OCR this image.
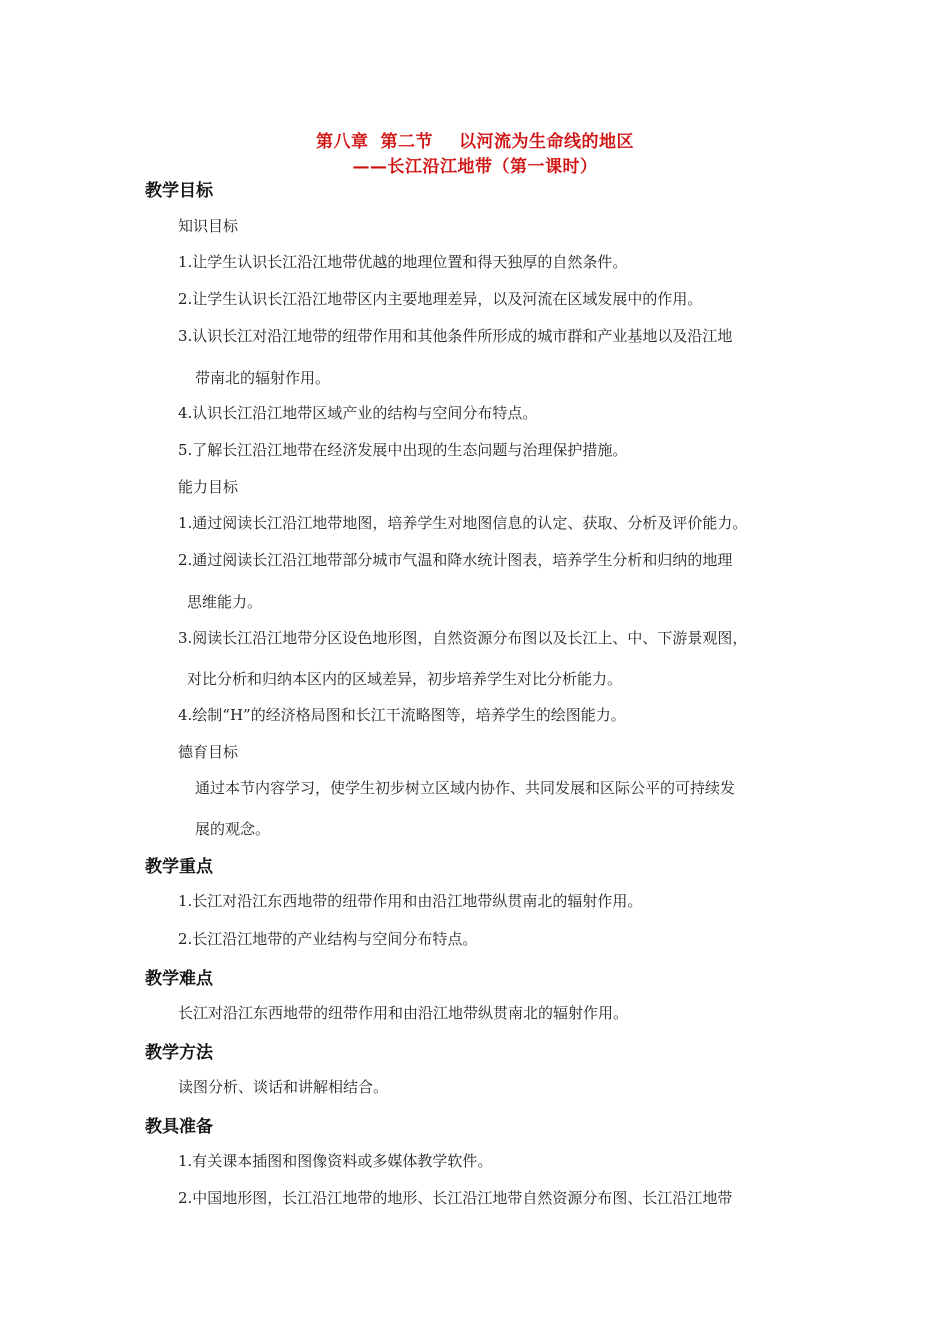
第八章 第二节 以河流为生命线的地区
——长江沿江地带（第一课时）
教学目标
知识目标
1.让学生认识长江沿江地带优越的地理位置和得天独厚的自然条件。
2.让学生认识长江沿江地带区内主要地理差异，以及河流在区域发展中的作用。
3.认识长江对沿江地带的纽带作用和其他条件所形成的城市群和产业基地以及沿江地
带南北的辐射作用。
4.认识长江沿江地带区域产业的结构与空间分布特点。
5.了解长江沿江地带在经济发展中出现的生态问题与治理保护措施。
能力目标
1.通过阅读长江沿江地带地图，培养学生对地图信息的认定、获取、分析及评价能力。
2.通过阅读长江沿江地带部分城市气温和降水统计图表，培养学生分析和归纳的地理
思维能力。
3.阅读长江沿江地带分区设色地形图，自然资源分布图以及长江上、中、下游景观图，
对比分析和归纳本区内的区域差异，初步培养学生对比分析能力。
4.绘制“H”的经济格局图和长江干流略图等，培养学生的绘图能力。
德育目标
通过本节内容学习，使学生初步树立区域内协作、共同发展和区际公平的可持续发
展的观念。
教学重点
1.长江对沿江东西地带的纽带作用和由沿江地带纵贯南北的辐射作用。
2.长江沿江地带的产业结构与空间分布特点。
教学难点
长江对沿江东西地带的纽带作用和由沿江地带纵贯南北的辐射作用。
教学方法
读图分析、谈话和讲解相结合。
教具准备
1.有关课本插图和图像资料或多媒体教学软件。
2.中国地形图，长江沿江地带的地形、长江沿江地带自然资源分布图、长江沿江地带
